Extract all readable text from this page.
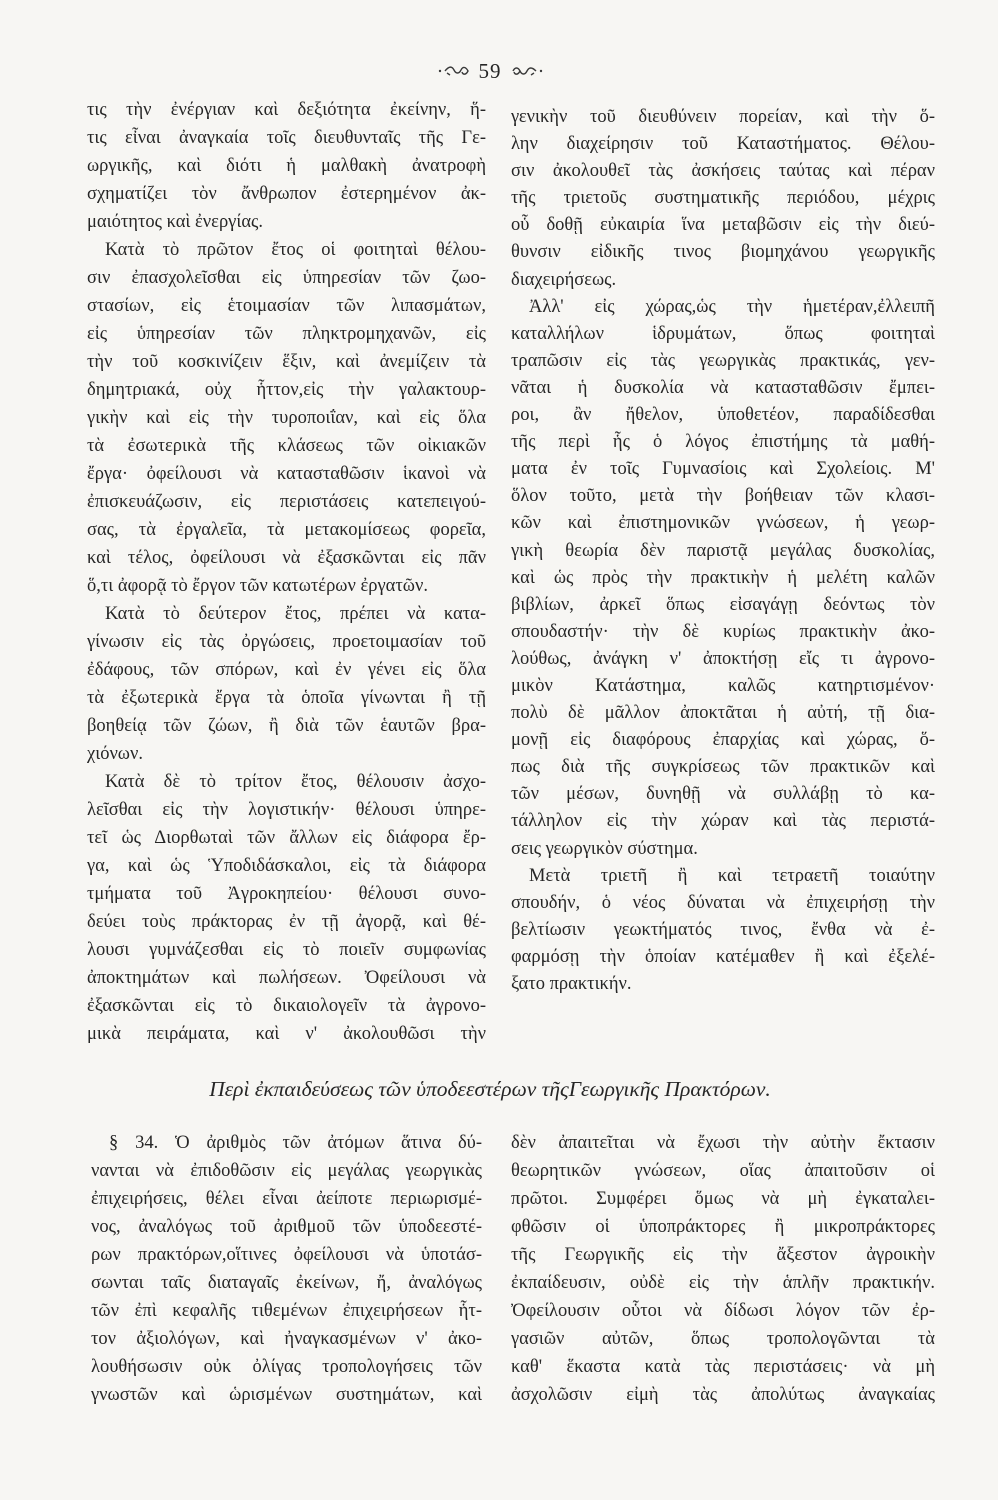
59
τις τὴν ἐνέργιαν καὶ δεξιότητα ἐκείνην, ἥ-
τις εἶναι ἀναγκαία τοῖς διευθυνταῖς τῆς Γε-
ωργικῆς, καὶ διότι ἡ μαλθακὴ ἀνατροφὴ
σχηματίζει τὸν ἄνθρωπον ἐστερημένον ἀκ-
μαιότητος καὶ ἐνεργίας.
Κατὰ τὸ πρῶτον ἔτος οἱ φοιτηταὶ θέλου-
σιν ἐπασχολεῖσθαι εἰς ὑπηρεσίαν τῶν ζωο-
στασίων, εἰς ἑτοιμασίαν τῶν λιπασμάτων,
εἰς ὑπηρεσίαν τῶν πληκτρομηχανῶν, εἰς
τὴν τοῦ κοσκινίζειν ἕξιν, καὶ ἀνεμίζειν τὰ
δημητριακά, οὐχ ἧττον,εἰς τὴν γαλακτουρ-
γικὴν καὶ εἰς τὴν τυροποιΐαν, καὶ εἰς ὅλα
τὰ ἐσωτερικὰ τῆς κλάσεως τῶν οἰκιακῶν
ἔργα· ὀφείλουσι νὰ κατασταθῶσιν ἱκανοὶ νὰ
ἐπισκευάζωσιν, εἰς περιστάσεις κατεπειγού-
σας, τὰ ἐργαλεῖα, τὰ μετακομίσεως φορεῖα,
καὶ τέλος, ὀφείλουσι νὰ ἐξασκῶνται εἰς πᾶν
ὅ,τι ἀφορᾷ τὸ ἔργον τῶν κατωτέρων ἐργατῶν.
Κατὰ τὸ δεύτερον ἔτος, πρέπει νὰ κατα-
γίνωσιν εἰς τὰς ὀργώσεις, προετοιμασίαν τοῦ
ἐδάφους, τῶν σπόρων, καὶ ἐν γένει εἰς ὅλα
τὰ ἐξωτερικὰ ἔργα τὰ ὁποῖα γίνωνται ἢ τῇ
βοηθείᾳ τῶν ζώων, ἢ διὰ τῶν ἑαυτῶν βρα-
χιόνων.
Κατὰ δὲ τὸ τρίτον ἔτος, θέλουσιν ἀσχο-
λεῖσθαι εἰς τὴν λογιστικήν· θέλουσι ὑπηρε-
τεῖ ὡς Διορθωταὶ τῶν ἄλλων εἰς διάφορα ἔρ-
γα, καὶ ὡς Ὑποδιδάσκαλοι, εἰς τὰ διάφορα
τμήματα τοῦ Ἀγροκηπείου· θέλουσι συνο-
δεύει τοὺς πράκτορας ἐν τῇ ἀγορᾷ, καὶ θέ-
λουσι γυμνάζεσθαι εἰς τὸ ποιεῖν συμφωνίας
ἀποκτημάτων καὶ πωλήσεων. Ὀφείλουσι νὰ
ἐξασκῶνται εἰς τὸ δικαιολογεῖν τὰ ἀγρονο-
μικὰ πειράματα, καὶ ν' ἀκολουθῶσι τὴν
γενικὴν τοῦ διευθύνειν πορείαν, καὶ τὴν ὅ-
λην διαχείρησιν τοῦ Καταστήματος. Θέλου-
σιν ἀκολουθεῖ τὰς ἀσκήσεις ταύτας καὶ πέραν
τῆς τριετοῦς συστηματικῆς περιόδου, μέχρις
οὗ δοθῇ εὐκαιρία ἵνα μεταβῶσιν εἰς τὴν διεύ-
θυνσιν εἰδικῆς τινος βιομηχάνου γεωργικῆς
διαχειρήσεως.
Ἀλλ' εἰς χώρας,ὡς τὴν ἡμετέραν,ἐλλειπῆ
καταλλήλων ἱδρυμάτων, ὅπως φοιτηταὶ
τραπῶσιν εἰς τὰς γεωργικὰς πρακτικάς, γεν-
νᾶται ἡ δυσκολία νὰ κατασταθῶσιν ἔμπει-
ροι, ἂν ἤθελον, ὑποθετέον, παραδίδεσθαι
τῆς περὶ ἧς ὁ λόγος ἐπιστήμης τὰ μαθή-
ματα ἐν τοῖς Γυμνασίοις καὶ Σχολείοις. Μ'
ὅλον τοῦτο, μετὰ τὴν βοήθειαν τῶν κλασι-
κῶν καὶ ἐπιστημονικῶν γνώσεων, ἡ γεωρ-
γικὴ θεωρία δὲν παριστᾷ μεγάλας δυσκολίας,
καὶ ὡς πρὸς τὴν πρακτικὴν ἡ μελέτη καλῶν
βιβλίων, ἀρκεῖ ὅπως εἰσαγάγῃ δεόντως τὸν
σπουδαστήν· τὴν δὲ κυρίως πρακτικὴν ἀκο-
λούθως, ἀνάγκη ν' ἀποκτήσῃ εἴς τι ἀγρονο-
μικὸν Κατάστημα, καλῶς κατηρτισμένον·
πολὺ δὲ μᾶλλον ἀποκτᾶται ἡ αὐτή, τῇ δια-
μονῇ εἰς διαφόρους ἐπαρχίας καὶ χώρας, ὅ-
πως διὰ τῆς συγκρίσεως τῶν πρακτικῶν καὶ
τῶν μέσων, δυνηθῇ νὰ συλλάβῃ τὸ κα-
τάλληλον εἰς τὴν χώραν καὶ τὰς περιστά-
σεις γεωργικὸν σύστημα.
Μετὰ τριετῆ ἢ καὶ τετραετῆ τοιαύτην
σπουδήν, ὁ νέος δύναται νὰ ἐπιχειρήσῃ τὴν
βελτίωσιν γεωκτήματός τινος, ἔνθα νὰ ἐ-
φαρμόσῃ τὴν ὁποίαν κατέμαθεν ἢ καὶ ἐξελέ-
ξατο πρακτικήν.
Περὶ ἐκπαιδεύσεως τῶν ὑποδεεστέρων τῆςΓεωργικῆς Πρακτόρων.
§ 34. Ὁ ἀριθμὸς τῶν ἀτόμων ἅτινα δύ-
νανται νὰ ἐπιδοθῶσιν εἰς μεγάλας γεωργικὰς
ἐπιχειρήσεις, θέλει εἶναι ἀείποτε περιωρισμέ-
νος, ἀναλόγως τοῦ ἀριθμοῦ τῶν ὑποδεεστέ-
ρων πρακτόρων,οἵτινες ὀφείλουσι νὰ ὑποτάσ-
σωνται ταῖς διαταγαῖς ἐκείνων, ἤ, ἀναλόγως
τῶν ἐπὶ κεφαλῆς τιθεμένων ἐπιχειρήσεων ἧτ-
τον ἀξιολόγων, καὶ ἠναγκασμένων ν' ἀκο-
λουθήσωσιν οὐκ ὀλίγας τροπολογήσεις τῶν
γνωστῶν καὶ ὡρισμένων συστημάτων, καὶ
δὲν ἀπαιτεῖται νὰ ἔχωσι τὴν αὐτὴν ἔκτασιν
θεωρητικῶν γνώσεων, οἵας ἀπαιτοῦσιν οἱ
πρῶτοι. Συμφέρει ὅμως νὰ μὴ ἐγκαταλει-
φθῶσιν οἱ ὑποπράκτορες ἢ μικροπράκτορες
τῆς Γεωργικῆς εἰς τὴν ἄξεστον ἀγροικὴν
ἐκπαίδευσιν, οὐδὲ εἰς τὴν ἁπλῆν πρακτικήν.
Ὀφείλουσιν οὗτοι νὰ δίδωσι λόγον τῶν ἐρ-
γασιῶν αὐτῶν, ὅπως τροπολογῶνται τὰ
καθ' ἕκαστα κατὰ τὰς περιστάσεις· νὰ μὴ
ἀσχολῶσιν εἰμὴ τὰς ἀπολύτως ἀναγκαίας
